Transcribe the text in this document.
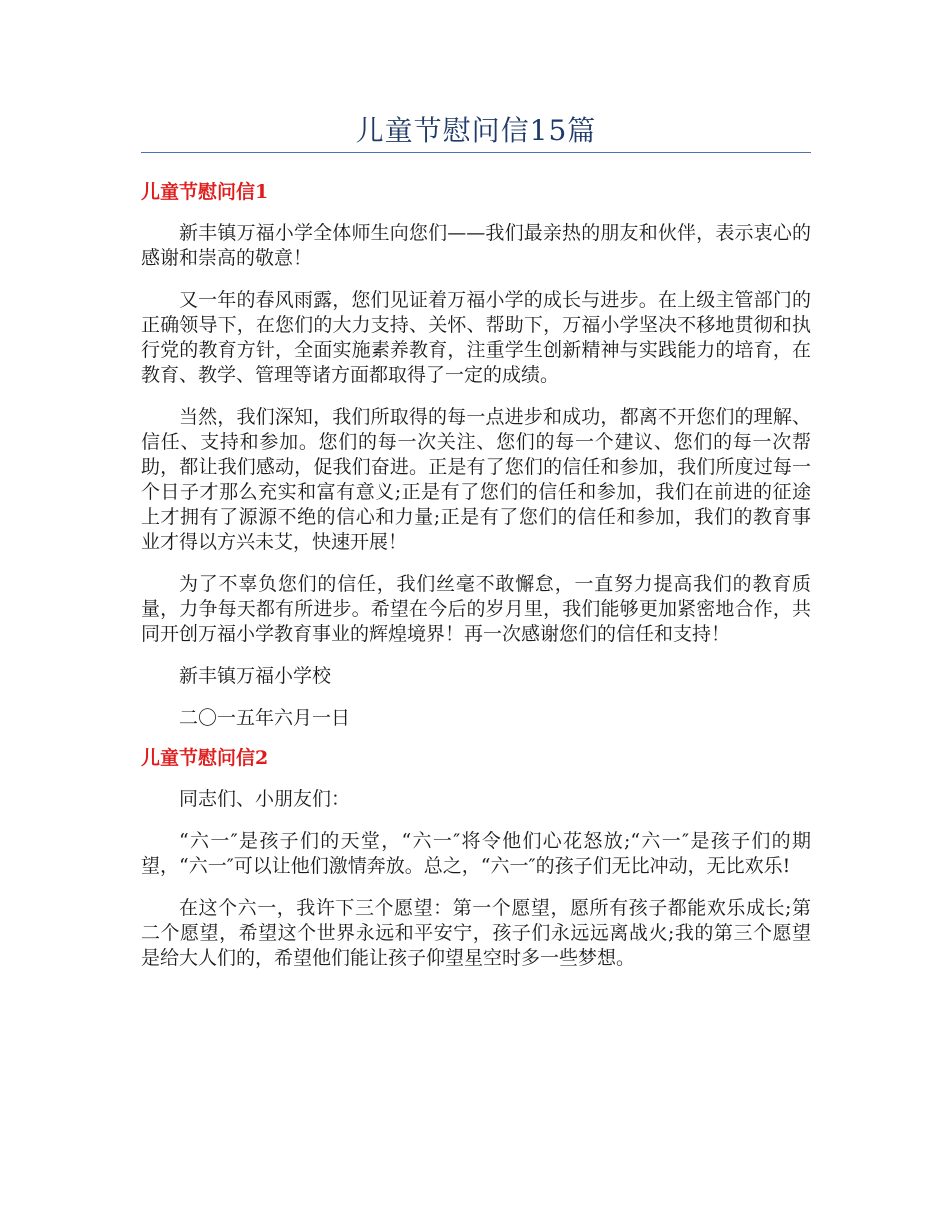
儿童节慰问信15篇
儿童节慰问信1

新丰镇万福小学全体师生向您们——我们最亲热的朋友和伙伴，表示衷心的感谢和崇高的敬意！

又一年的春风雨露，您们见证着万福小学的成长与进步。在上级主管部门的正确领导下，在您们的大力支持、关怀、帮助下，万福小学坚决不移地贯彻和执行党的教育方针，全面实施素养教育，注重学生创新精神与实践能力的培育，在教育、教学、管理等诸方面都取得了一定的成绩。

当然，我们深知，我们所取得的每一点进步和成功，都离不开您们的理解、信任、支持和参加。您们的每一次关注、您们的每一个建议、您们的每一次帮助，都让我们感动，促我们奋进。正是有了您们的信任和参加，我们所度过每一个日子才那么充实和富有意义;正是有了您们的信任和参加，我们在前进的征途上才拥有了源源不绝的信心和力量;正是有了您们的信任和参加，我们的教育事业才得以方兴未艾，快速开展！

为了不辜负您们的信任，我们丝毫不敢懈怠，一直努力提高我们的教育质量，力争每天都有所进步。希望在今后的岁月里，我们能够更加紧密地合作，共同开创万福小学教育事业的辉煌境界！再一次感谢您们的信任和支持！

新丰镇万福小学校

二〇一五年六月一日

儿童节慰问信2

同志们、小朋友们：

“六一″是孩子们的天堂，“六一″将令他们心花怒放;“六一″是孩子们的期望，“六一″可以让他们激情奔放。总之，“六一″的孩子们无比冲动，无比欢乐!

在这个六一，我许下三个愿望：第一个愿望，愿所有孩子都能欢乐成长;第二个愿望，希望这个世界永远和平安宁，孩子们永远远离战火;我的第三个愿望是给大人们的，希望他们能让孩子仰望星空时多一些梦想。
